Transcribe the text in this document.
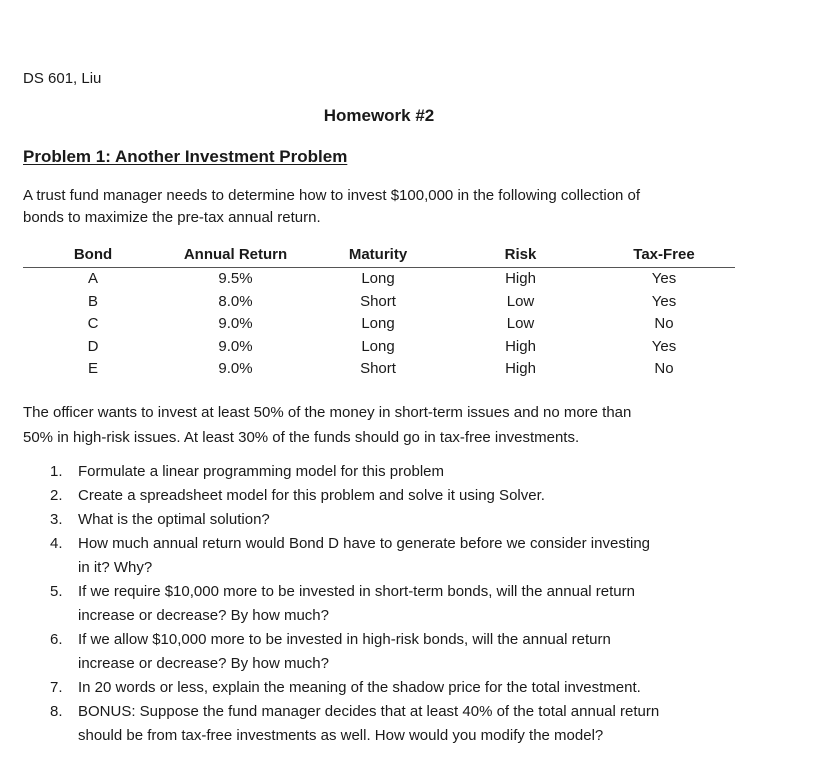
DS 601, Liu
Homework #2
Problem 1: Another Investment Problem
A trust fund manager needs to determine how to invest $100,000 in the following collection of
bonds to maximize the pre-tax annual return.
Bond	Annual Return	Maturity	Risk	Tax-Free
A	9.5%	Long	High	Yes
B	8.0%	Short	Low	Yes
C	9.0%	Long	Low	No
D	9.0%	Long	High	Yes
E	9.0%	Short	High	No
The officer wants to invest at least 50% of the money in short-term issues and no more than
50% in high-risk issues. At least 30% of the funds should go in tax-free investments.
1. Formulate a linear programming model for this problem
2. Create a spreadsheet model for this problem and solve it using Solver.
3. What is the optimal solution?
4. How much annual return would Bond D have to generate before we consider investing
in it? Why?
5. If we require $10,000 more to be invested in short-term bonds, will the annual return
increase or decrease? By how much?
6. If we allow $10,000 more to be invested in high-risk bonds, will the annual return
increase or decrease? By how much?
7. In 20 words or less, explain the meaning of the shadow price for the total investment.
8. BONUS: Suppose the fund manager decides that at least 40% of the total annual return
should be from tax-free investments as well. How would you modify the model?
